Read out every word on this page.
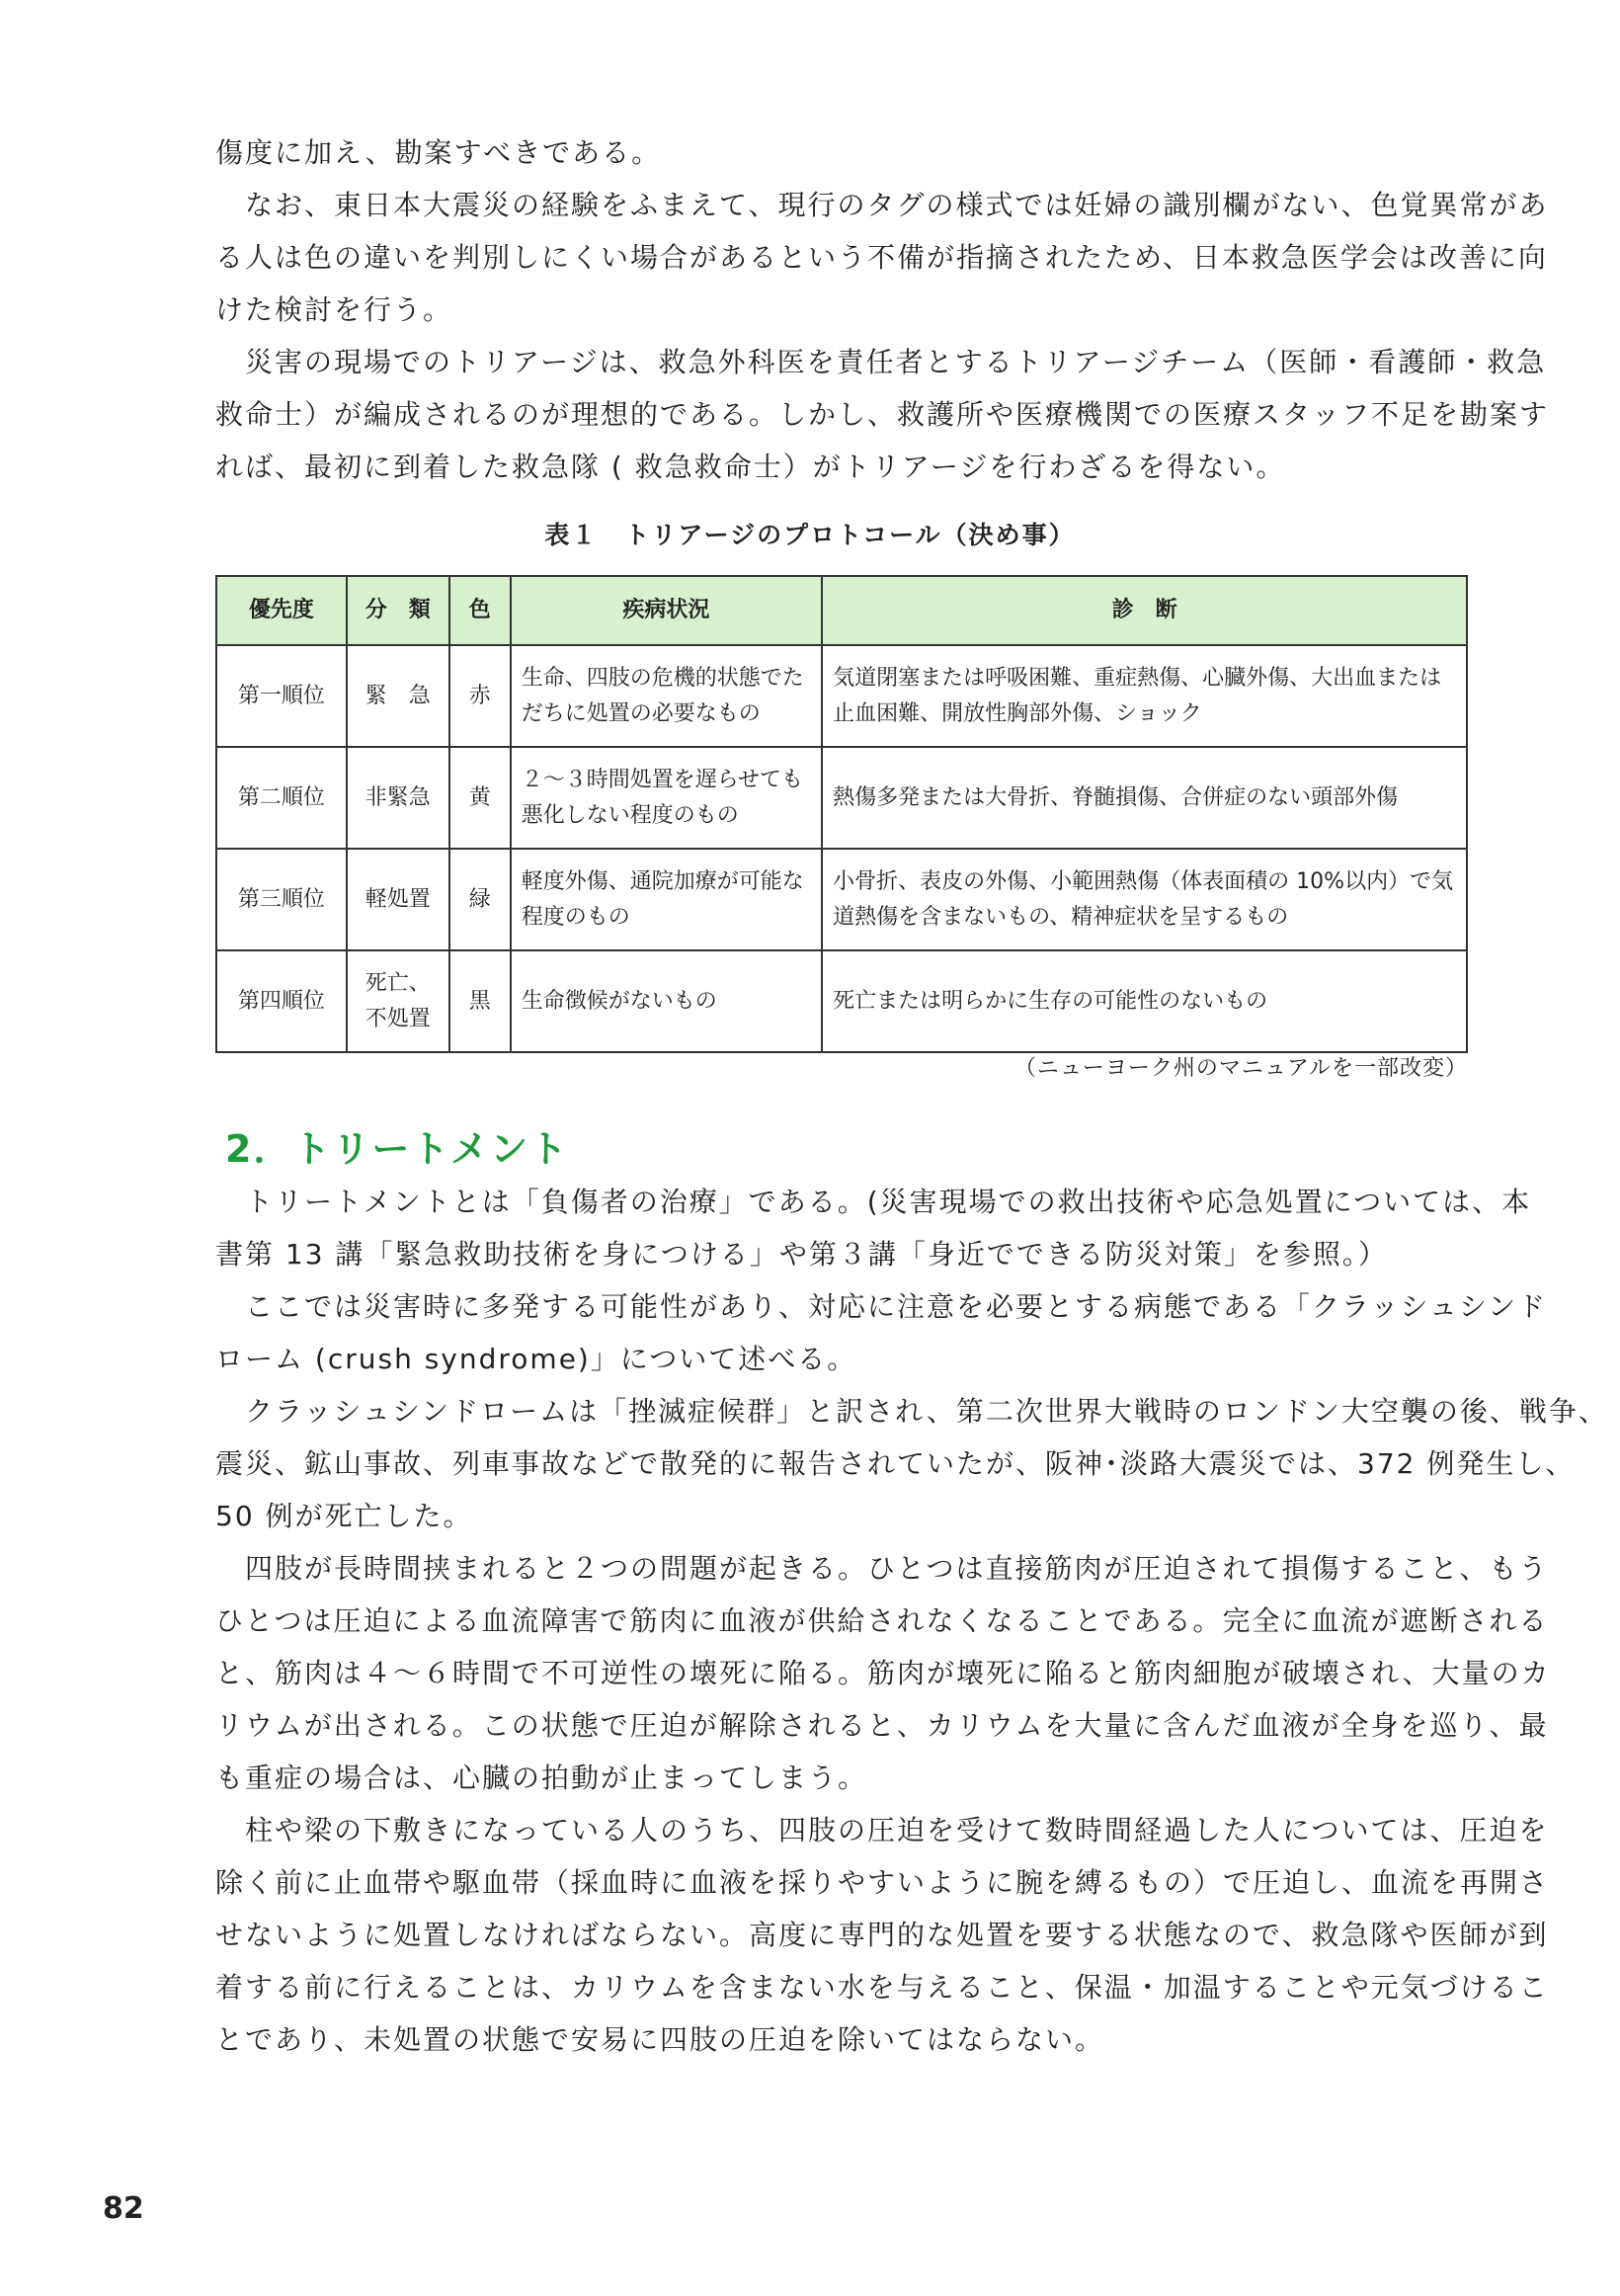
傷度に加え、勘案すべきである。
なお、東日本大震災の経験をふまえて、現行のタグの様式では妊婦の識別欄がない、色覚異常があ
る人は色の違いを判別しにくい場合があるという不備が指摘されたため、日本救急医学会は改善に向
けた検討を行う。
災害の現場でのトリアージは、救急外科医を責任者とするトリアージチーム（医師・看護師・救急
救命士）が編成されるのが理想的である。しかし、救護所や医療機関での医療スタッフ不足を勘案す
れば、最初に到着した救急隊 ( 救急救命士）がトリアージを行わざるを得ない。
表１　トリアージのプロトコール（決め事）
優先度	分　類	色	疾病状況	診　断
第一順位	緊　急	赤	生命、四肢の危機的状態でただちに処置の必要なもの	気道閉塞または呼吸困難、重症熱傷、心臓外傷、大出血または止血困難、開放性胸部外傷、ショック
第二順位	非緊急	黄	２～３時間処置を遅らせても悪化しない程度のもの	熱傷多発または大骨折、脊髄損傷、合併症のない頭部外傷
第三順位	軽処置	緑	軽度外傷、通院加療が可能な程度のもの	小骨折、表皮の外傷、小範囲熱傷（体表面積の 10%以内）で気道熱傷を含まないもの、精神症状を呈するもの
第四順位	死亡、不処置	黒	生命徴候がないもの	死亡または明らかに生存の可能性のないもの
（ニューヨーク州のマニュアルを一部改変）
2．トリートメント
トリートメントとは「負傷者の治療」である。(災害現場での救出技術や応急処置については、本
書第 13 講「緊急救助技術を身につける」や第３講「身近でできる防災対策」を参照。）
ここでは災害時に多発する可能性があり、対応に注意を必要とする病態である「クラッシュシンド
ローム (crush syndrome)」について述べる。
クラッシュシンドロームは「挫滅症候群」と訳され、第二次世界大戦時のロンドン大空襲の後、戦争、
震災、鉱山事故、列車事故などで散発的に報告されていたが、阪神･淡路大震災では、372 例発生し、
50 例が死亡した。
四肢が長時間挟まれると２つの問題が起きる。ひとつは直接筋肉が圧迫されて損傷すること、もう
ひとつは圧迫による血流障害で筋肉に血液が供給されなくなることである。完全に血流が遮断される
と、筋肉は４～６時間で不可逆性の壊死に陥る。筋肉が壊死に陥ると筋肉細胞が破壊され、大量のカ
リウムが出される。この状態で圧迫が解除されると、カリウムを大量に含んだ血液が全身を巡り、最
も重症の場合は、心臓の拍動が止まってしまう。
柱や梁の下敷きになっている人のうち、四肢の圧迫を受けて数時間経過した人については、圧迫を
除く前に止血帯や駆血帯（採血時に血液を採りやすいように腕を縛るもの）で圧迫し、血流を再開さ
せないように処置しなければならない。高度に専門的な処置を要する状態なので、救急隊や医師が到
着する前に行えることは、カリウムを含まない水を与えること、保温・加温することや元気づけるこ
とであり、未処置の状態で安易に四肢の圧迫を除いてはならない。
82
